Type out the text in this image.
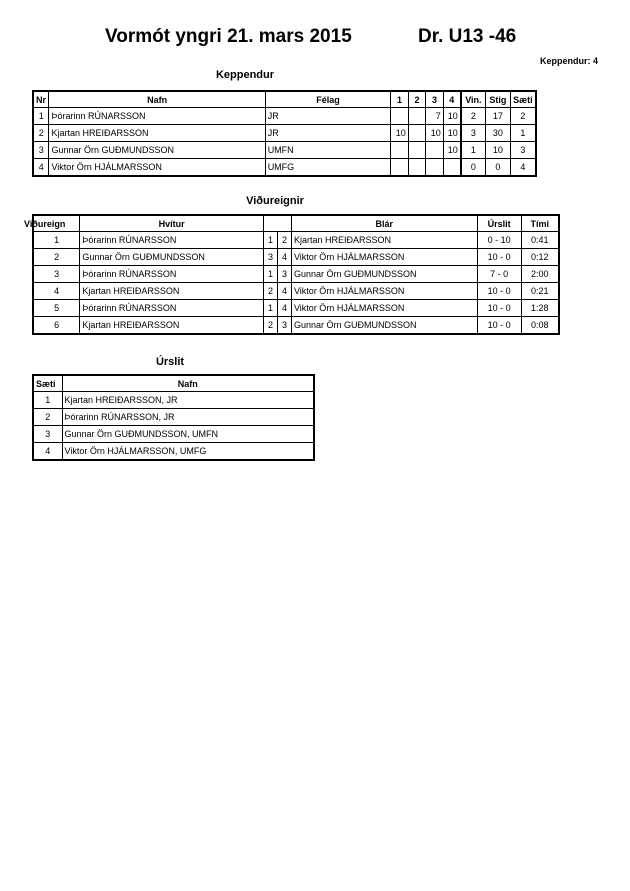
Vormót yngri 21. mars 2015	Dr. U13 -46
Keppendur: 4
Keppendur
Nr	Nafn	Félag	1	2	3	4	Vin.	Stig	Sæti
1	Þórarinn RÚNARSSON	JR			7	10	2	17	2
2	Kjartan HREIÐARSSON	JR	10		10	10	3	30	1
3	Gunnar Örn GUÐMUNDSSON	UMFN				10	1	10	3
4	Viktor Örn HJÁLMARSSON	UMFG					0	0	4
Viðureignir
Viðureign	Hvítur			Blár	Úrslit	Tími
1	Þórarinn RÚNARSSON	1	2	Kjartan HREIÐARSSON	0 - 10	0:41
2	Gunnar Örn GUÐMUNDSSON	3	4	Viktor Örn HJÁLMARSSON	10 - 0	0:12
3	Þórarinn RÚNARSSON	1	3	Gunnar Örn GUÐMUNDSSON	7 - 0	2:00
4	Kjartan HREIÐARSSON	2	4	Viktor Örn HJÁLMARSSON	10 - 0	0:21
5	Þórarinn RÚNARSSON	1	4	Viktor Örn HJÁLMARSSON	10 - 0	1:28
6	Kjartan HREIÐARSSON	2	3	Gunnar Örn GUÐMUNDSSON	10 - 0	0:08
Úrslit
Sæti	Nafn
1	Kjartan HREIÐARSSON, JR
2	Þórarinn RÚNARSSON, JR
3	Gunnar Örn GUÐMUNDSSON, UMFN
4	Viktor Örn HJÁLMARSSON, UMFG
